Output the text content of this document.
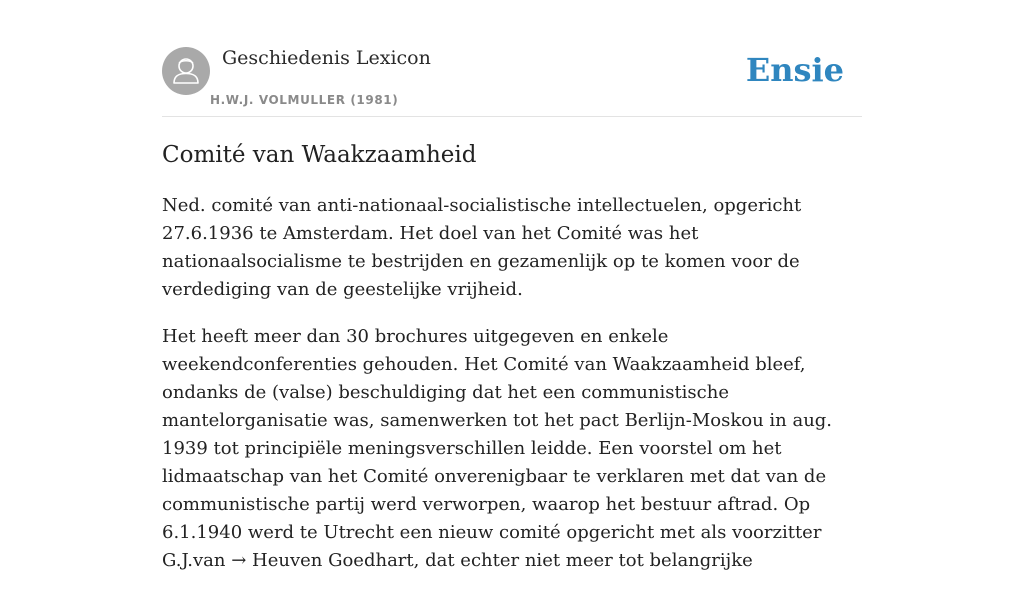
Geschiedenis Lexicon
H.W.J. VOLMULLER (1981)
Ensie
Comité van Waakzaamheid

Ned. comité van anti-nationaal-socialistische intellectuelen, opgericht 27.6.1936 te Amsterdam. Het doel van het Comité was het nationaalsocialisme te bestrijden en gezamenlijk op te komen voor de verdediging van de geestelijke vrijheid.

Het heeft meer dan 30 brochures uitgegeven en enkele weekendconferenties gehouden. Het Comité van Waakzaamheid bleef, ondanks de (valse) beschuldiging dat het een communistische mantelorganisatie was, samenwerken tot het pact Berlijn-Moskou in aug. 1939 tot principiële meningsverschillen leidde. Een voorstel om het lidmaatschap van het Comité onverenigbaar te verklaren met dat van de communistische partij werd verworpen, waarop het bestuur aftrad. Op 6.1.1940 werd te Utrecht een nieuw comité opgericht met als voorzitter G.J.van → Heuven Goedhart, dat echter niet meer tot belangrijke
